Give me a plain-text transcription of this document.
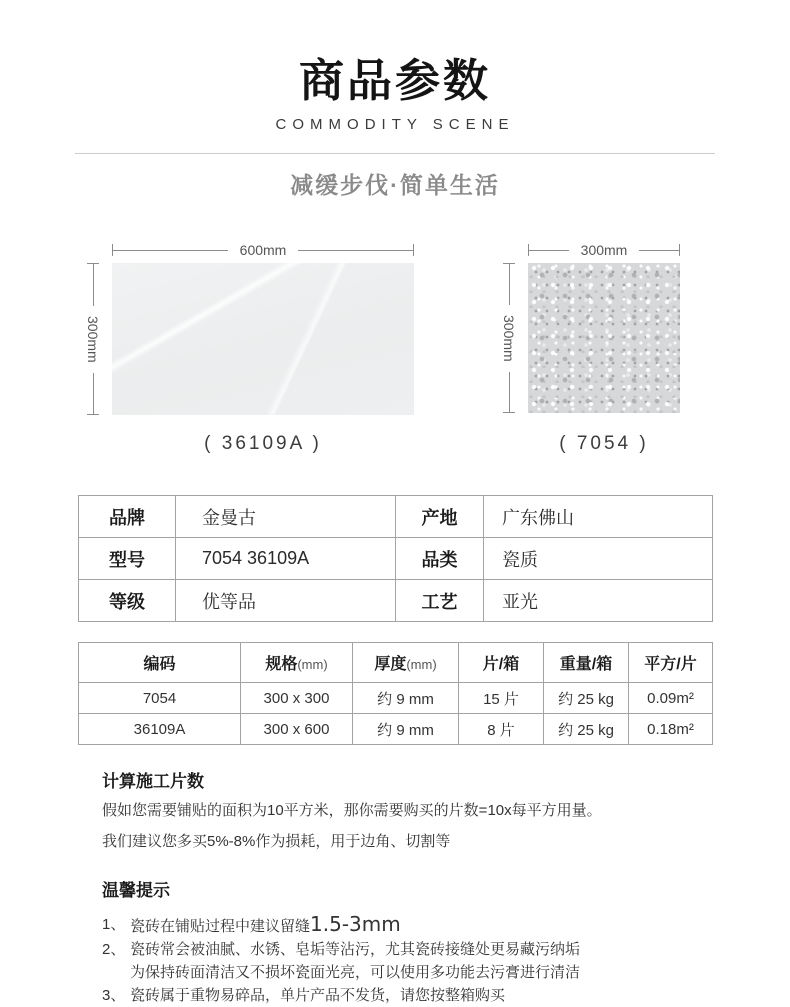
商品参数
COMMODITY SCENE
减缓步伐·简单生活
600mm
300mm
( 36109A )
300mm
300mm
( 7054 )
品牌	金曼古	产地	广东佛山
型号	7054 36109A	品类	瓷质
等级	优等品	工艺	亚光
编码	规格(mm)	厚度(mm)	片/箱	重量/箱	平方/片
7054	300 x 300	约 9 mm	15 片	约 25 kg	0.09m²
36109A	300 x 600	约 9 mm	8 片	约 25 kg	0.18m²
计算施工片数
假如您需要铺贴的面积为10平方米，那你需要购买的片数=10x每平方用量。
我们建议您多买5%-8%作为损耗，用于边角、切割等
温馨提示
1、 瓷砖在铺贴过程中建议留缝1.5-3mm
2、 瓷砖常会被油腻、水锈、皂垢等沾污，尤其瓷砖接缝处更易藏污纳垢
为保持砖面清洁又不损坏瓷面光亮，可以使用多功能去污膏进行清洁
3、 瓷砖属于重物易碎品，单片产品不发货，请您按整箱购买
